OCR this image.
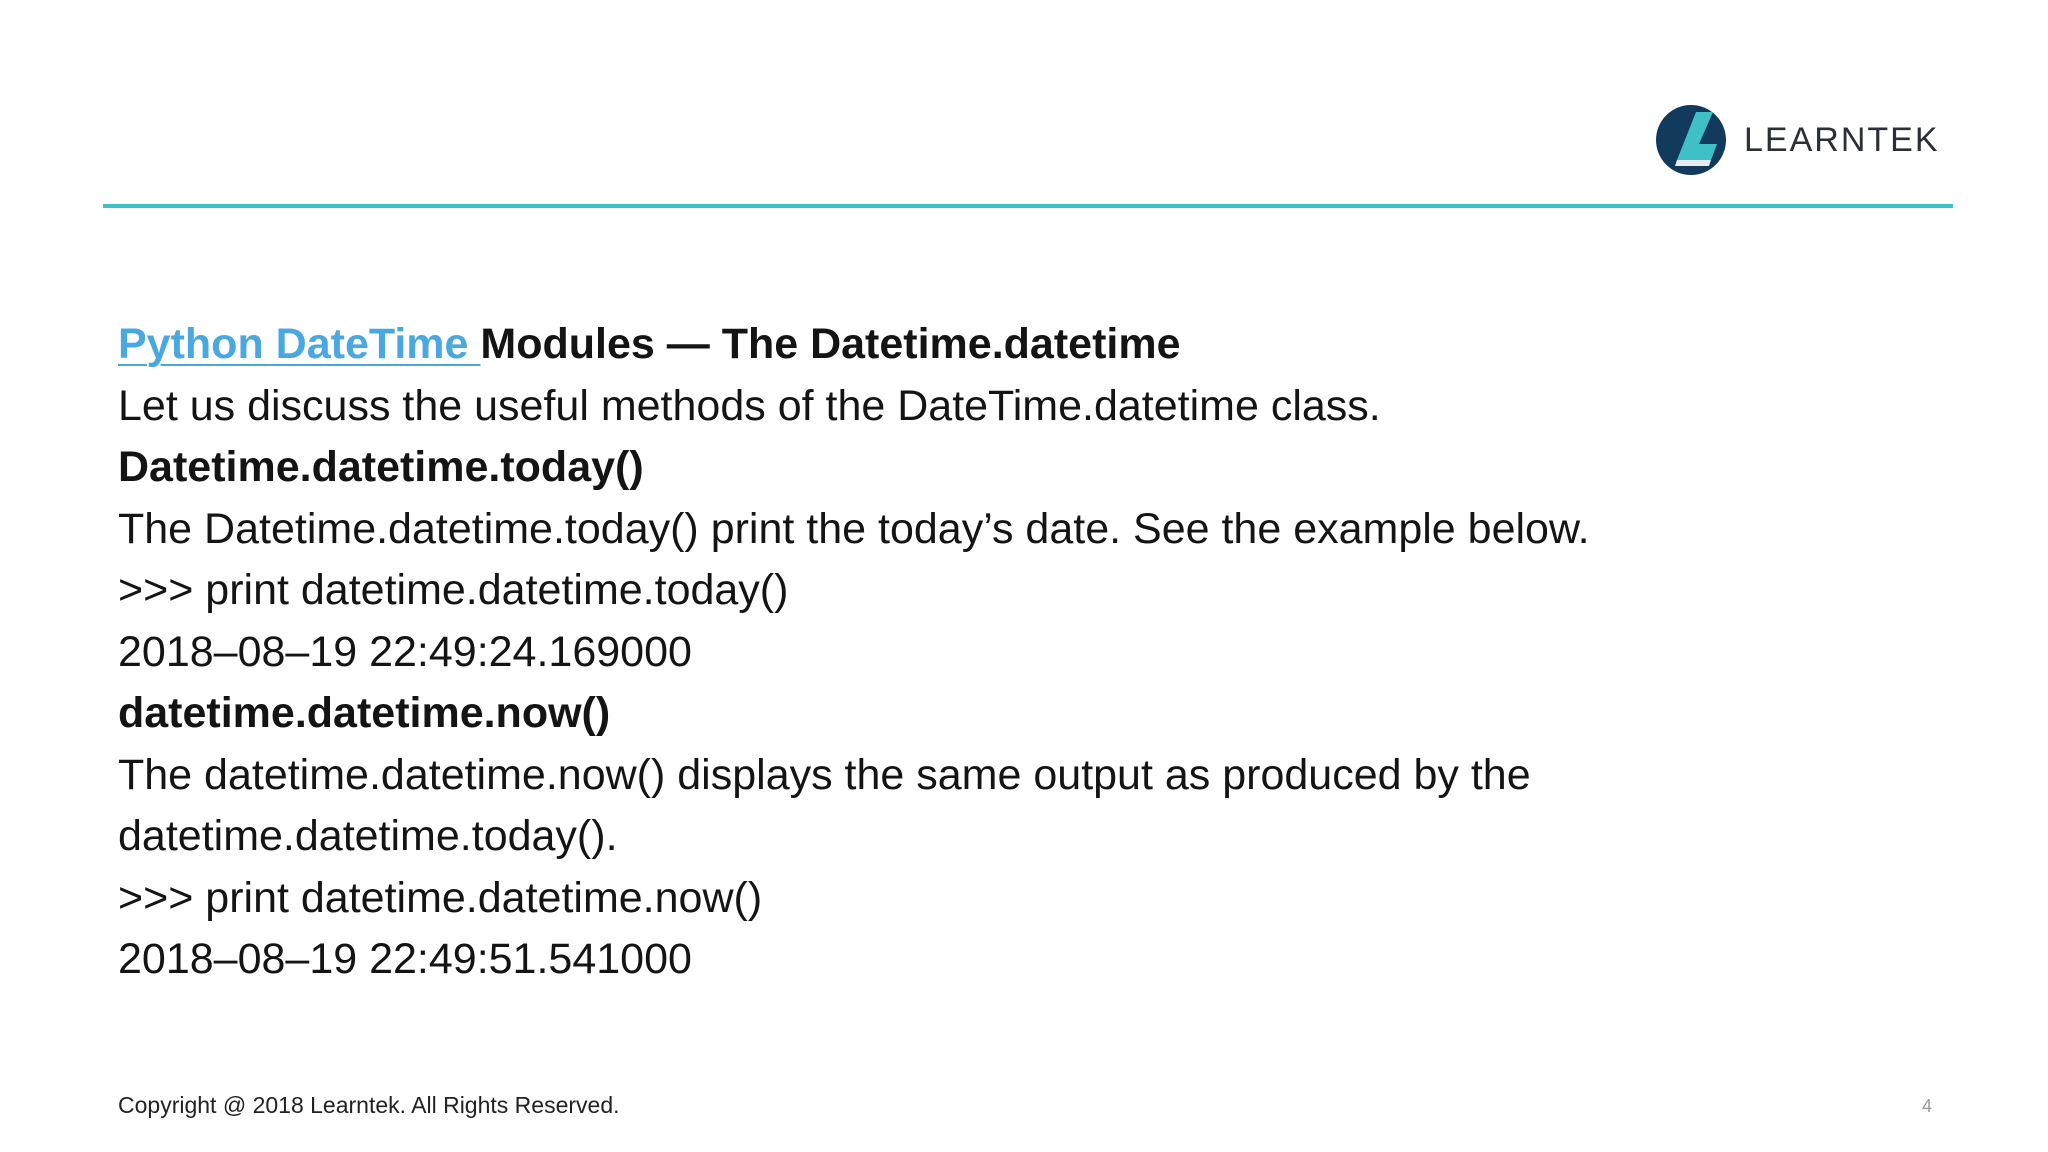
LEARNTEK
Python DateTime Modules — The Datetime.datetime
Let us discuss the useful methods of the DateTime.datetime class.
Datetime.datetime.today()
The Datetime.datetime.today() print the today’s date. See the example below.
>>> print datetime.datetime.today()
2018–08–19 22:49:24.169000
datetime.datetime.now()
The datetime.datetime.now() displays the same output as produced by the
datetime.datetime.today().
>>> print datetime.datetime.now()
2018–08–19 22:49:51.541000
Copyright @ 2018 Learntek. All Rights Reserved.	4
